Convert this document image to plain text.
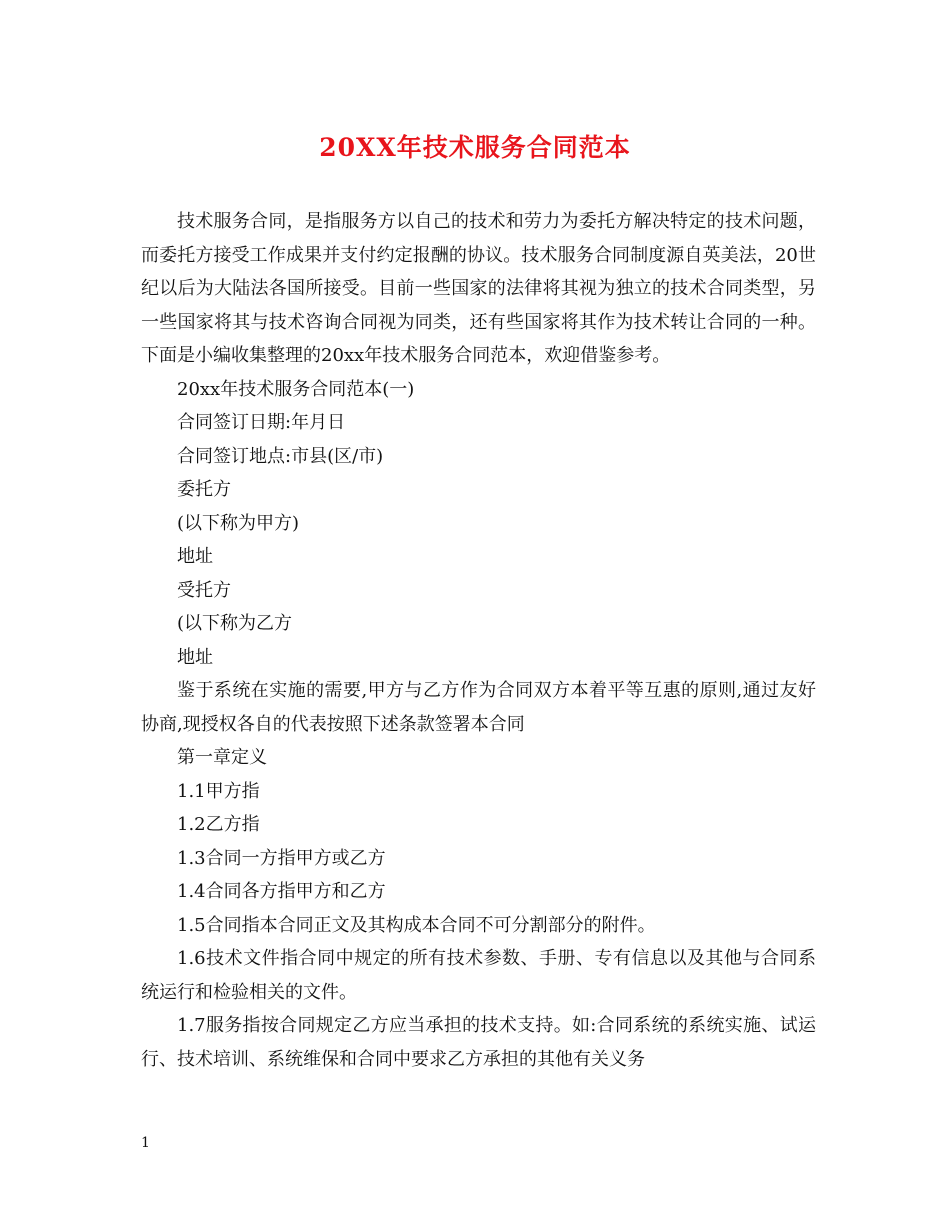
20XX年技术服务合同范本

技术服务合同，是指服务方以自己的技术和劳力为委托方解决特定的技术问题，而委托方接受工作成果并支付约定报酬的协议。技术服务合同制度源自英美法，20世纪以后为大陆法各国所接受。目前一些国家的法律将其视为独立的技术合同类型，另一些国家将其与技术咨询合同视为同类，还有些国家将其作为技术转让合同的一种。下面是小编收集整理的20xx年技术服务合同范本，欢迎借鉴参考。

20xx年技术服务合同范本(一)

合同签订日期:年月日

合同签订地点:市县(区/市)

委托方

(以下称为甲方)

地址

受托方

(以下称为乙方

地址

鉴于系统在实施的需要,甲方与乙方作为合同双方本着平等互惠的原则,通过友好协商,现授权各自的代表按照下述条款签署本合同

第一章定义

1.1甲方指

1.2乙方指

1.3合同一方指甲方或乙方

1.4合同各方指甲方和乙方

1.5合同指本合同正文及其构成本合同不可分割部分的附件。

1.6技术文件指合同中规定的所有技术参数、手册、专有信息以及其他与合同系统运行和检验相关的文件。

1.7服务指按合同规定乙方应当承担的技术支持。如:合同系统的系统实施、试运行、技术培训、系统维保和合同中要求乙方承担的其他有关义务

1
